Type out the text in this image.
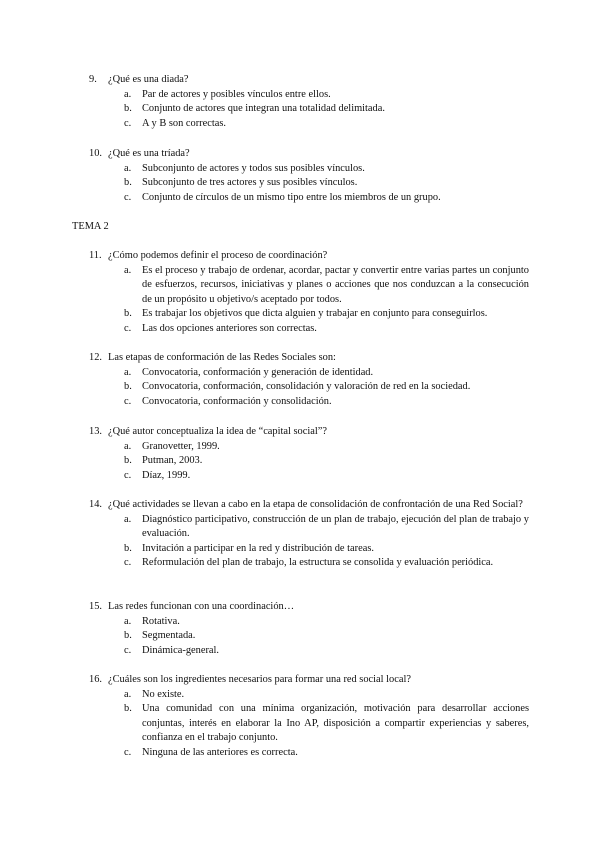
9.	¿Qué es una diada?
a.	Par de actores y posibles vínculos entre ellos.
b. Conjunto de actores que integran una totalidad delimitada.
c.	A y B son correctas.
10. ¿Qué es una tríada?
a.	Subconjunto de actores y todos sus posibles vínculos.
b. Subconjunto de tres actores y sus posibles vínculos.
c.	Conjunto de círculos de un mismo tipo entre los miembros de un grupo.
TEMA 2
11. ¿Cómo podemos definir el proceso de coordinación?
a.	Es el proceso y trabajo de ordenar, acordar, pactar y convertir entre varias partes un conjunto de esfuerzos, recursos, iniciativas y planes o acciones que nos conduzcan a la consecución de un propósito u objetivo/s aceptado por todos.
b. Es trabajar los objetivos que dicta alguien y trabajar en conjunto para conseguirlos.
c.	Las dos opciones anteriores son correctas.
12. Las etapas de conformación de las Redes Sociales son:
a.	Convocatoria, conformación y generación de identidad.
b. Convocatoria, conformación, consolidación y valoración de red en la sociedad.
c.	Convocatoria, conformación y consolidación.
13. ¿Qué autor conceptualiza la idea de “capital social”?
a.	Granovetter, 1999.
b. Putman, 2003.
c.	Díaz, 1999.
14. ¿Qué actividades se llevan a cabo en la etapa de consolidación de confrontación de una Red Social?
a.	Diagnóstico participativo, construcción de un plan de trabajo, ejecución del plan de trabajo y evaluación.
b. Invitación a participar en la red y distribución de tareas.
c.	Reformulación del plan de trabajo, la estructura se consolida y evaluación periódica.
15. Las redes funcionan con una coordinación…
a.	Rotativa.
b. Segmentada.
c.	Dinámica-general.
16. ¿Cuáles son los ingredientes necesarios para formar una red social local?
a.	No existe.
b. Una comunidad con una mínima organización, motivación para desarrollar acciones conjuntas, interés en elaborar la Ino AP, disposición a compartir experiencias y saberes, confianza en el trabajo conjunto.
c.	Ninguna de las anteriores es correcta.
